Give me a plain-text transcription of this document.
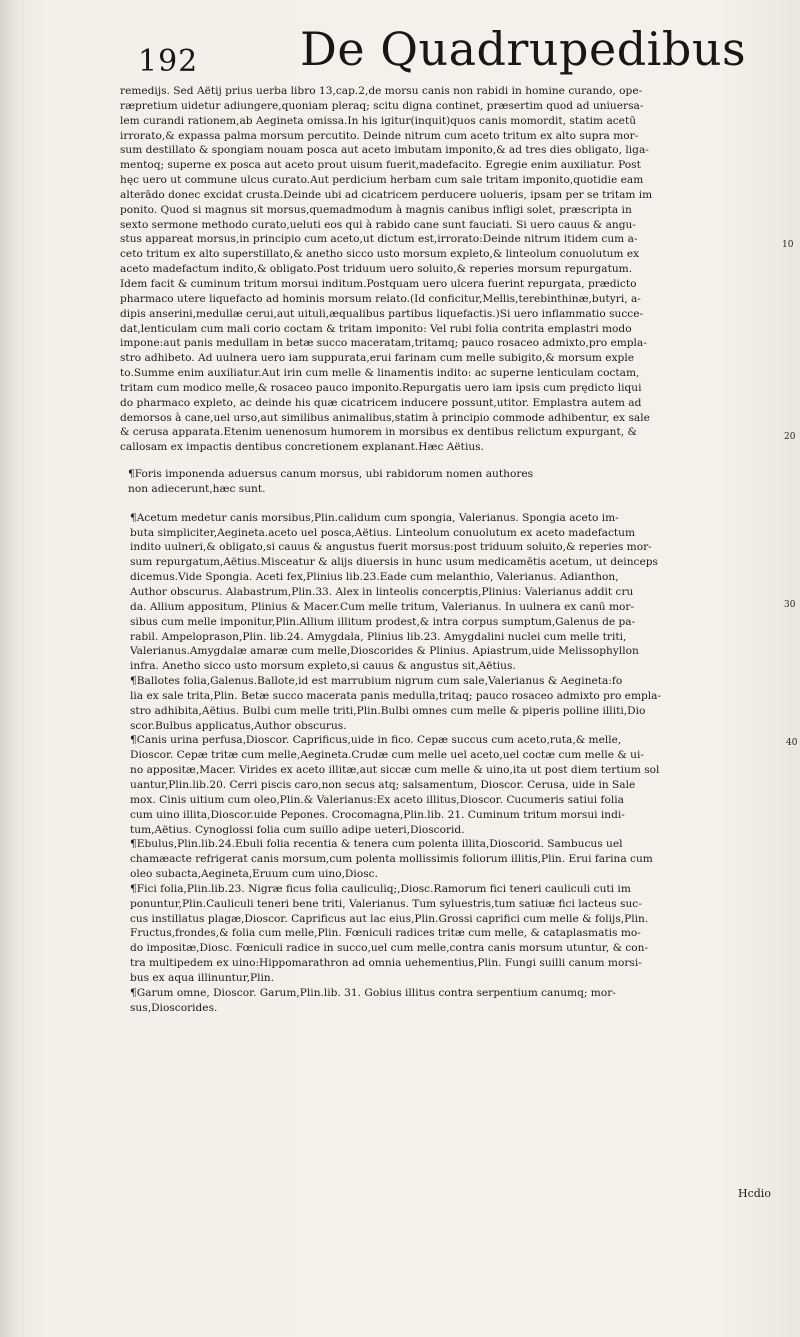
192 De Quadrupedibus
remedijs. Sed Aëtij prius uerba libro 13,cap.2,de morsu canis non rabidi in homine curando, ope-
ræpretium uidetur adiungere,quoniam pleraq; scitu digna continet, præsertim quod ad uniuersa-
lem curandi rationem,ab Aegineta omissa.In his igitur(inquit)quos canis momordit, statim acetū
irrorato,& expassa palma morsum percutito. Deinde nitrum cum aceto tritum ex alto supra mor-
sum destillato & spongiam nouam posca aut aceto imbutam imponito,& ad tres dies obligato, liga-
mentoq; superne ex posca aut aceto prout uisum fuerit,madefacito. Egregie enim auxiliatur. Post
hęc uero ut commune ulcus curato.Aut perdicium herbam cum sale tritam imponito,quotidie eam
alterādo donec excidat crusta.Deinde ubi ad cicatricem perducere uolueris, ipsam per se tritam im
ponito. Quod si magnus sit morsus,quemadmodum à magnis canibus infligi solet, præscripta in
sexto sermone methodo curato,ueluti eos qui à rabido cane sunt fauciati. Si uero cauus & angu-
stus appareat morsus,in principio cum aceto,ut dictum est,irrorato:Deinde nitrum itidem cum a-
ceto tritum ex alto superstillato,& anetho sicco usto morsum expleto,& linteolum conuolutum ex
aceto madefactum indito,& obligato.Post triduum uero soluito,& reperies morsum repurgatum.
Idem facit & cuminum tritum morsui inditum.Postquam uero ulcera fuerint repurgata, prædicto
pharmaco utere liquefacto ad hominis morsum relato.(Id conficitur,Mellis,terebinthinæ,butyri, a-
dipis anserini,medullæ cerui,aut uituli,æqualibus partibus liquefactis.)Si uero inflammatio succe-
dat,lenticulam cum mali corio coctam & tritam imponito: Vel rubi folia contrita emplastri modo
impone:aut panis medullam in betæ succo maceratam,tritamq; pauco rosaceo admixto,pro empla-
stro adhibeto. Ad uulnera uero iam suppurata,erui farinam cum melle subigito,& morsum exple
to.Summe enim auxiliatur.Aut irin cum melle & linamentis indito: ac superne lenticulam coctam,
tritam cum modico melle,& rosaceo pauco imponito.Repurgatis uero iam ipsis cum prędicto liqui
do pharmaco expleto, ac deinde his quæ cicatricem inducere possunt,utitor. Emplastra autem ad
demorsos à cane,uel urso,aut similibus animalibus,statim à principio commode adhibentur, ex sale
& cerusa apparata.Etenim uenenosum humorem in morsibus ex dentibus relictum expurgant, &
callosam ex impactis dentibus concretionem explanant.Hæc Aëtius.
¶Foris imponenda aduersus canum morsus, ubi rabidorum nomen authores
non adiecerunt,hæc sunt.
¶Acetum medetur canis morsibus,Plin.calidum cum spongia, Valerianus. Spongia aceto im-
buta simpliciter,Aegineta.aceto uel posca,Aëtius. Linteolum conuolutum ex aceto madefactum
indito uulneri,& obligato,si cauus & angustus fuerit morsus:post triduum soluito,& reperies mor-
sum repurgatum,Aëtius.Misceatur & alijs diuersis in hunc usum medicamētis acetum, ut deinceps
dicemus.Vide Spongia. Aceti fex,Plinius lib.23.Eade cum melanthio, Valerianus. Adianthon,
Author obscurus. Alabastrum,Plin.33. Alex in linteolis concerptis,Plinius: Valerianus addit cru
da. Allium appositum, Plinius & Macer.Cum melle tritum, Valerianus. In uulnera ex canū mor-
sibus cum melle imponitur,Plin.Allium illitum prodest,& intra corpus sumptum,Galenus de pa-
rabil. Ampeloprason,Plin. lib.24. Amygdala, Plinius lib.23. Amygdalini nuclei cum melle triti,
Valerianus.Amygdalæ amaræ cum melle,Dioscorides & Plinius. Apiastrum,uide Melissophyllon
infra. Anetho sicco usto morsum expleto,si cauus & angustus sit,Aëtius.
¶Ballotes folia,Galenus.Ballote,id est marrubium nigrum cum sale,Valerianus & Aegineta:fo
lia ex sale trita,Plin. Betæ succo macerata panis medulla,tritaq; pauco rosaceo admixto pro empla-
stro adhibita,Aëtius. Bulbi cum melle triti,Plin.Bulbi omnes cum melle & piperis polline illiti,Dio
scor.Bulbus applicatus,Author obscurus.
¶Canis urina perfusa,Dioscor. Caprificus,uide in fico. Cepæ succus cum aceto,ruta,& melle,
Dioscor. Cepæ tritæ cum melle,Aegineta.Crudæ cum melle uel aceto,uel coctæ cum melle & ui-
no appositæ,Macer. Virides ex aceto illitæ,aut siccæ cum melle & uino,ita ut post diem tertium sol
uantur,Plin.lib.20. Cerri piscis caro,non secus atq; salsamentum, Dioscor. Cerusa, uide in Sale
mox. Cinis uitium cum oleo,Plin.& Valerianus:Ex aceto illitus,Dioscor. Cucumeris satiui folia
cum uino illita,Dioscor.uide Pepones. Crocomagna,Plin.lib. 21. Cuminum tritum morsui indi-
tum,Aëtius. Cynoglossi folia cum suillo adipe ueteri,Dioscorid.
¶Ebulus,Plin.lib.24.Ebuli folia recentia & tenera cum polenta illita,Dioscorid. Sambucus uel
chamæacte refrigerat canis morsum,cum polenta mollissimis foliorum illitis,Plin. Erui farina cum
oleo subacta,Aegineta,Eruum cum uino,Diosc.
¶Fici folia,Plin.lib.23. Nigræ ficus folia cauliculiq;,Diosc.Ramorum fici teneri cauliculi cuti im
ponuntur,Plin.Cauliculi teneri bene triti, Valerianus. Tum syluestris,tum satiuæ fici lacteus suc-
cus instillatus plagæ,Dioscor. Caprificus aut lac eius,Plin.Grossi caprifici cum melle & folijs,Plin.
Fructus,frondes,& folia cum melle,Plin. Fœniculi radices tritæ cum melle, & cataplasmatis mo-
do impositæ,Diosc. Fœniculi radice in succo,uel cum melle,contra canis morsum utuntur, & con-
tra multipedem ex uino:Hippomarathron ad omnia uehementius,Plin. Fungi suilli canum morsi-
bus ex aqua illinuntur,Plin.
¶Garum omne, Dioscor. Garum,Plin.lib. 31. Gobius illitus contra serpentium canumq; mor-
sus,Dioscorides.
10
20
30
40
Hcdio
